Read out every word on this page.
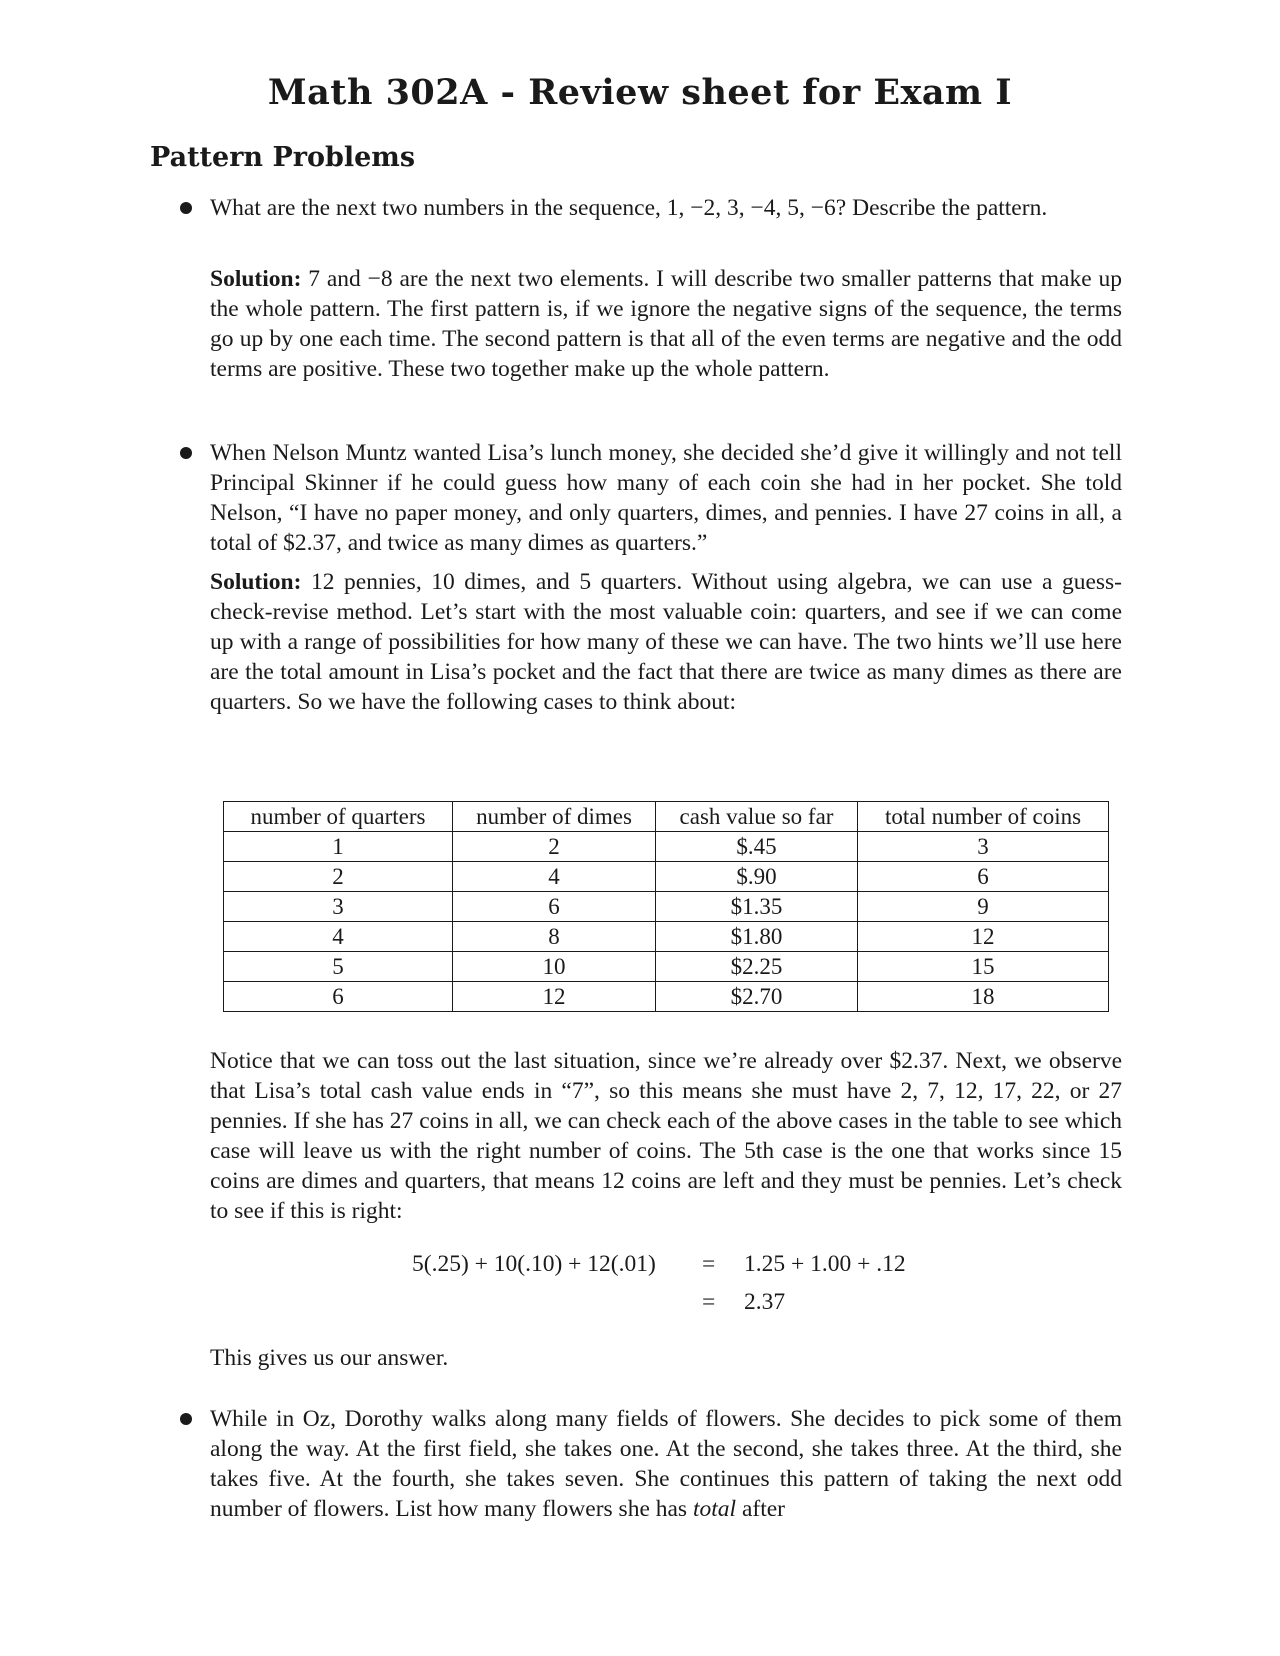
Math 302A - Review sheet for Exam I
Pattern Problems
What are the next two numbers in the sequence, 1, −2, 3, −4, 5, −6? Describe the pattern.
Solution: 7 and −8 are the next two elements. I will describe two smaller patterns that make up the whole pattern. The first pattern is, if we ignore the negative signs of the sequence, the terms go up by one each time. The second pattern is that all of the even terms are negative and the odd terms are positive. These two together make up the whole pattern.
When Nelson Muntz wanted Lisa’s lunch money, she decided she’d give it willingly and not tell Principal Skinner if he could guess how many of each coin she had in her pocket. She told Nelson, “I have no paper money, and only quarters, dimes, and pennies. I have 27 coins in all, a total of $2.37, and twice as many dimes as quarters.”
Solution: 12 pennies, 10 dimes, and 5 quarters. Without using algebra, we can use a guess-check-revise method. Let’s start with the most valuable coin: quarters, and see if we can come up with a range of possibilities for how many of these we can have. The two hints we’ll use here are the total amount in Lisa’s pocket and the fact that there are twice as many dimes as there are quarters. So we have the following cases to think about:
number of quarters	number of dimes	cash value so far	total number of coins
1	2	$.45	3
2	4	$.90	6
3	6	$1.35	9
4	8	$1.80	12
5	10	$2.25	15
6	12	$2.70	18
Notice that we can toss out the last situation, since we’re already over $2.37. Next, we observe that Lisa’s total cash value ends in “7”, so this means she must have 2, 7, 12, 17, 22, or 27 pennies. If she has 27 coins in all, we can check each of the above cases in the table to see which case will leave us with the right number of coins. The 5th case is the one that works since 15 coins are dimes and quarters, that means 12 coins are left and they must be pennies. Let’s check to see if this is right:
5(.25) + 10(.10) + 12(.01) = 1.25 + 1.00 + .12
= 2.37
This gives us our answer.
While in Oz, Dorothy walks along many fields of flowers. She decides to pick some of them along the way. At the first field, she takes one. At the second, she takes three. At the third, she takes five. At the fourth, she takes seven. She continues this pattern of taking the next odd number of flowers. List how many flowers she has total after
